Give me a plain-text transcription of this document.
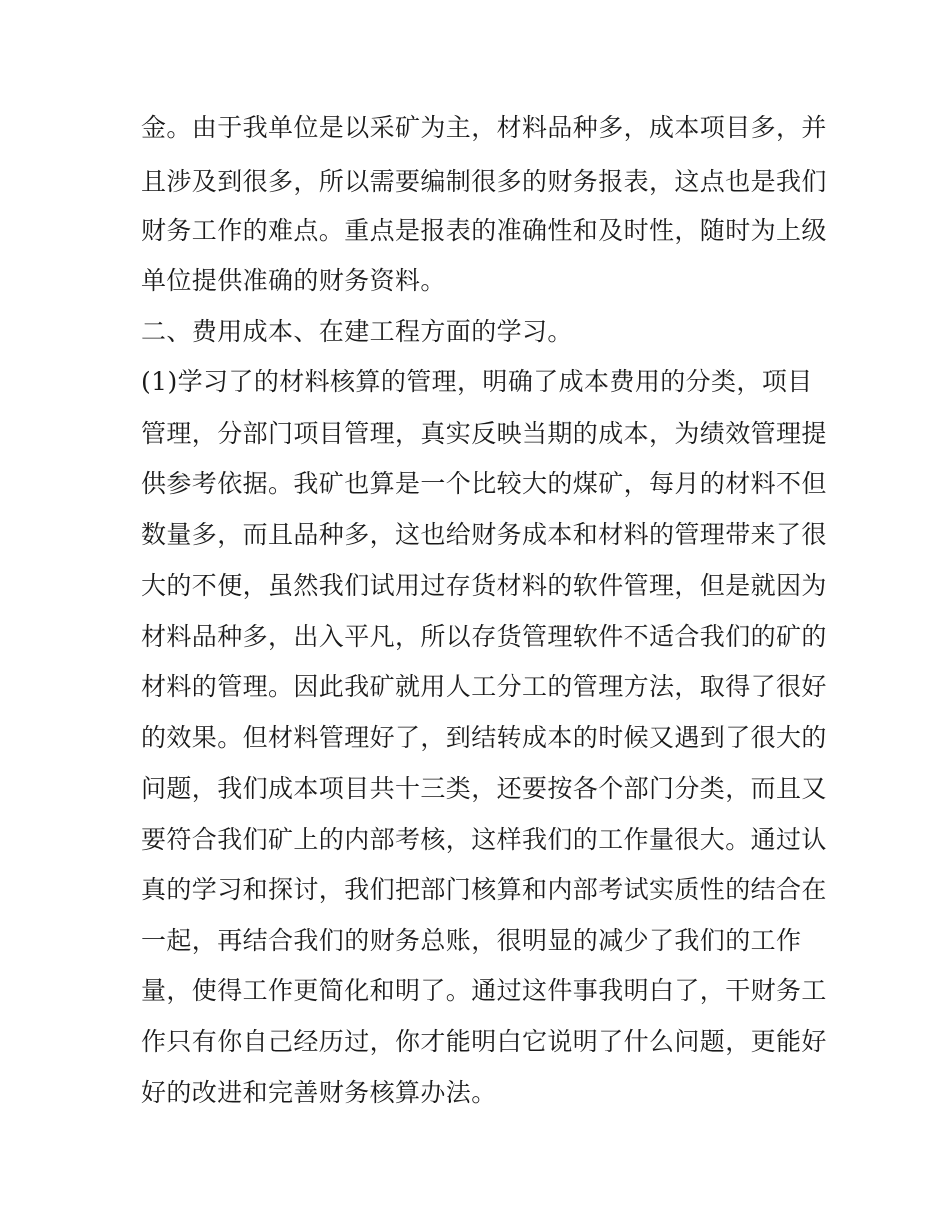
金。由于我单位是以采矿为主，材料品种多，成本项目多，并
且涉及到很多，所以需要编制很多的财务报表，这点也是我们
财务工作的难点。重点是报表的准确性和及时性，随时为上级
单位提供准确的财务资料。
二、费用成本、在建工程方面的学习。
(1)学习了的材料核算的管理，明确了成本费用的分类，项目
管理，分部门项目管理，真实反映当期的成本，为绩效管理提
供参考依据。我矿也算是一个比较大的煤矿，每月的材料不但
数量多，而且品种多，这也给财务成本和材料的管理带来了很
大的不便，虽然我们试用过存货材料的软件管理，但是就因为
材料品种多，出入平凡，所以存货管理软件不适合我们的矿的
材料的管理。因此我矿就用人工分工的管理方法，取得了很好
的效果。但材料管理好了，到结转成本的时候又遇到了很大的
问题，我们成本项目共十三类，还要按各个部门分类，而且又
要符合我们矿上的内部考核，这样我们的工作量很大。通过认
真的学习和探讨，我们把部门核算和内部考试实质性的结合在
一起，再结合我们的财务总账，很明显的减少了我们的工作
量，使得工作更简化和明了。通过这件事我明白了，干财务工
作只有你自己经历过，你才能明白它说明了什么问题，更能好
好的改进和完善财务核算办法。
